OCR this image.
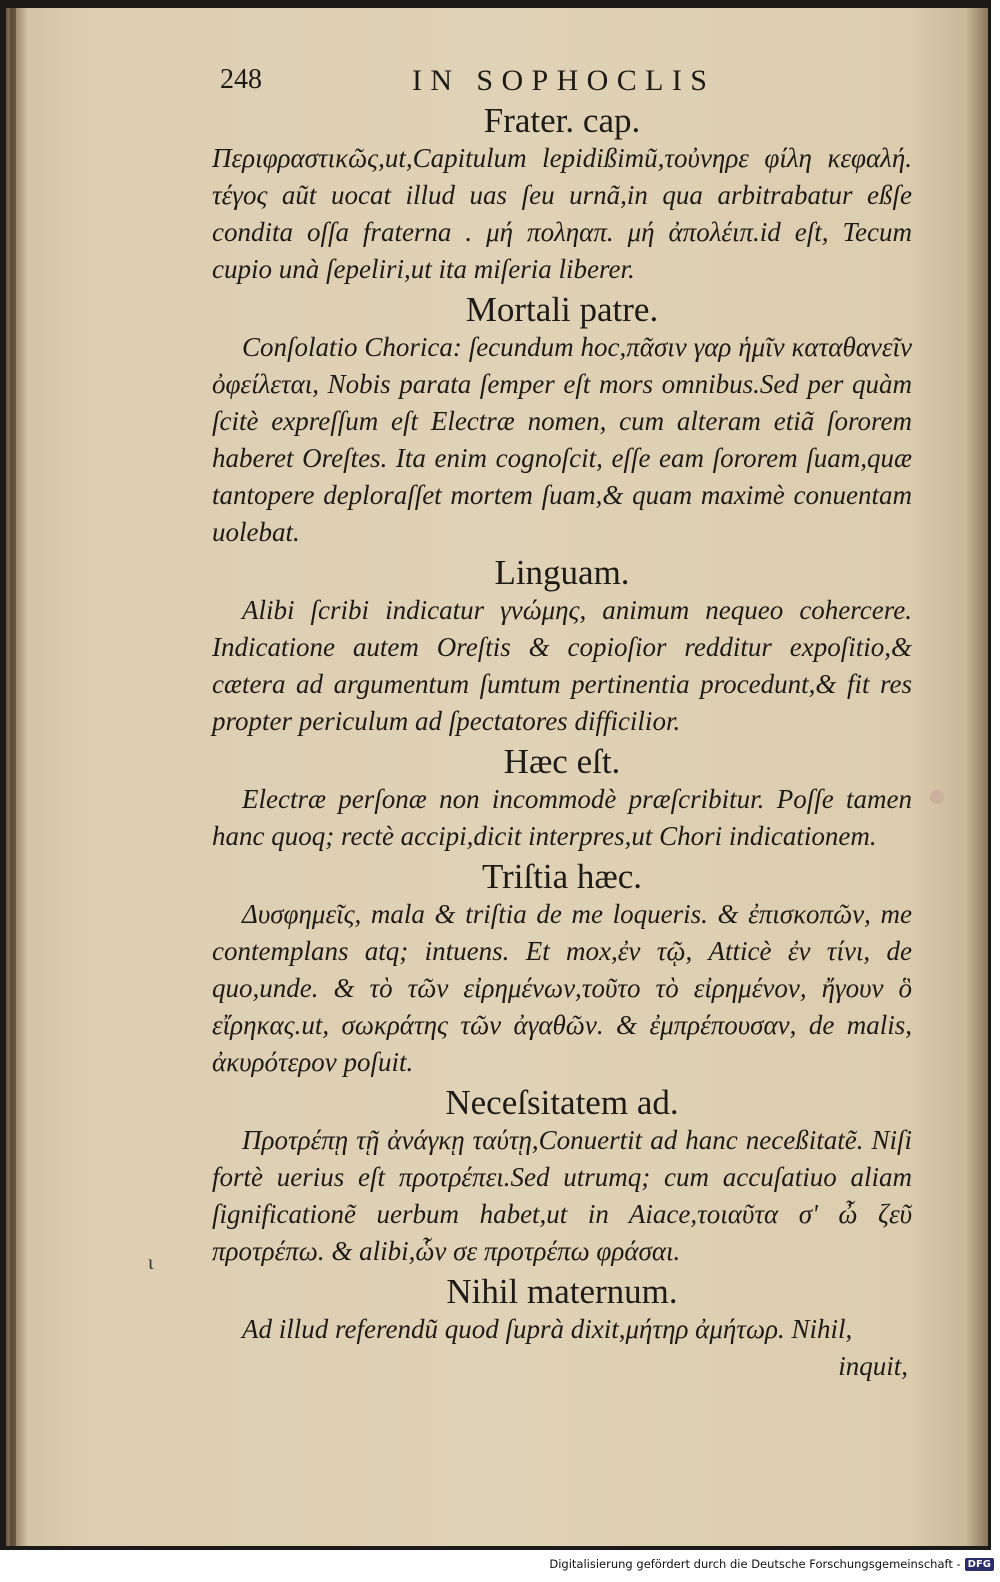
ι
248	IN SOPHOCLIS
Frater. cap.

Περιφραστικῶς,ut,Capitulum lepidißimũ,τοὐνηρε φίλη κεφαλή. τέγος aũt uocat illud uas ſeu urnã,in qua arbitrabatur eßſe condita oſſa fraterna . μή ποληαπ. μή ἀπολέιπ.id eſt, Tecum cupio unà ſepeliri,ut ita miſeria liberer.

Mortali patre.

Conſolatio Chorica: ſecundum hoc,πᾶσιν γαρ ἡμῖν καταθανεῖν ὀφείλεται, Nobis parata ſemper eſt mors omnibus.Sed per quàm ſcitè expreſſum eſt Electræ nomen, cum alteram etiã ſororem haberet Oreſtes. Ita enim cognoſcit, eſſe eam ſororem ſuam,quæ tantopere deploraſſet mortem ſuam,& quam maximè conuentam uolebat.

Linguam.

Alibi ſcribi indicatur γνώμης, animum nequeo cohercere. Indicatione autem Oreſtis & copioſior redditur expoſitio,& cætera ad argumentum ſumtum pertinentia procedunt,& fit res propter periculum ad ſpectatores difficilior.

Hæc eſt.

Electræ perſonæ non incommodè præſcribitur. Poſſe tamen hanc quoq; rectè accipi,dicit interpres,ut Chori indicationem.

Triſtia hæc.

Δυσφημεῖς, mala & triſtia de me loqueris. & ἐπισκοπῶν, me contemplans atq; intuens. Et mox,ἐν τῷ, Atticè ἐν τίνι, de quo,unde. & τὸ τῶν εἰρημένων,τοῦτο τὸ εἰρημένον, ἤγουν ὃ εἴρηκας.ut, σωκράτης τῶν ἀγαθῶν. & ἐμπρέπουσαν, de malis, ἀκυρότερον poſuit.

Neceſsitatem ad.

Προτρέπῃ τῇ ἀνάγκῃ ταύτῃ,Conuertit ad hanc neceßitatẽ. Niſi fortè uerius eſt προτρέπει.Sed utrumq; cum accuſatiuo aliam ſignificationẽ uerbum habet,ut in Aiace,τοιαῦτα σ' ὦ ζεῦ προτρέπω. & alibi,ὧν σε προτρέπω φράσαι.

Nihil maternum.

Ad illud referendũ quod ſuprà dixit,μήτηρ ἀμήτωρ. Nihil,

inquit,

Digitalisierung gefördert durch die Deutsche Forschungsgemeinschaft - DFG
